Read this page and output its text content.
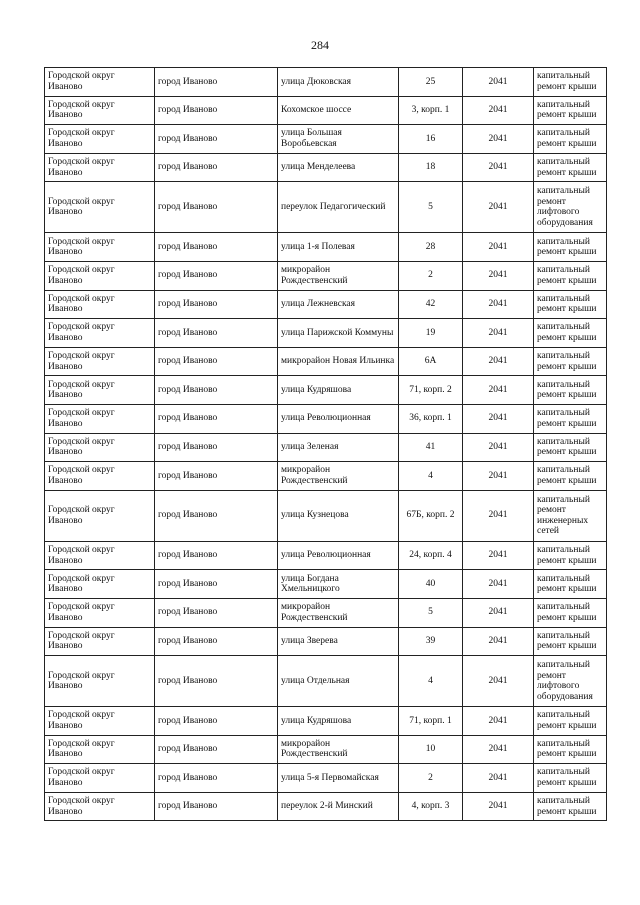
284
Городской округ Иваново	город Иваново	улица Дюковская	25	2041	капитальный ремонт крыши
Городской округ Иваново	город Иваново	Кохомское шоссе	3, корп. 1	2041	капитальный ремонт крыши
Городской округ Иваново	город Иваново	улица Большая Воробьевская	16	2041	капитальный ремонт крыши
Городской округ Иваново	город Иваново	улица Менделеева	18	2041	капитальный ремонт крыши
Городской округ Иваново	город Иваново	переулок Педагогический	5	2041	капитальный ремонт лифтового оборудования
Городской округ Иваново	город Иваново	улица 1-я Полевая	28	2041	капитальный ремонт крыши
Городской округ Иваново	город Иваново	микрорайон Рождественский	2	2041	капитальный ремонт крыши
Городской округ Иваново	город Иваново	улица Лежневская	42	2041	капитальный ремонт крыши
Городской округ Иваново	город Иваново	улица Парижской Коммуны	19	2041	капитальный ремонт крыши
Городской округ Иваново	город Иваново	микрорайон Новая Ильинка	6А	2041	капитальный ремонт крыши
Городской округ Иваново	город Иваново	улица Кудряшова	71, корп. 2	2041	капитальный ремонт крыши
Городской округ Иваново	город Иваново	улица Революционная	36, корп. 1	2041	капитальный ремонт крыши
Городской округ Иваново	город Иваново	улица Зеленая	41	2041	капитальный ремонт крыши
Городской округ Иваново	город Иваново	микрорайон Рождественский	4	2041	капитальный ремонт крыши
Городской округ Иваново	город Иваново	улица Кузнецова	67Б, корп. 2	2041	капитальный ремонт инженерных сетей
Городской округ Иваново	город Иваново	улица Революционная	24, корп. 4	2041	капитальный ремонт крыши
Городской округ Иваново	город Иваново	улица Богдана Хмельницкого	40	2041	капитальный ремонт крыши
Городской округ Иваново	город Иваново	микрорайон Рождественский	5	2041	капитальный ремонт крыши
Городской округ Иваново	город Иваново	улица Зверева	39	2041	капитальный ремонт крыши
Городской округ Иваново	город Иваново	улица Отдельная	4	2041	капитальный ремонт лифтового оборудования
Городской округ Иваново	город Иваново	улица Кудряшова	71, корп. 1	2041	капитальный ремонт крыши
Городской округ Иваново	город Иваново	микрорайон Рождественский	10	2041	капитальный ремонт крыши
Городской округ Иваново	город Иваново	улица 5-я Первомайская	2	2041	капитальный ремонт крыши
Городской округ Иваново	город Иваново	переулок 2-й Минский	4, корп. 3	2041	капитальный ремонт крыши
